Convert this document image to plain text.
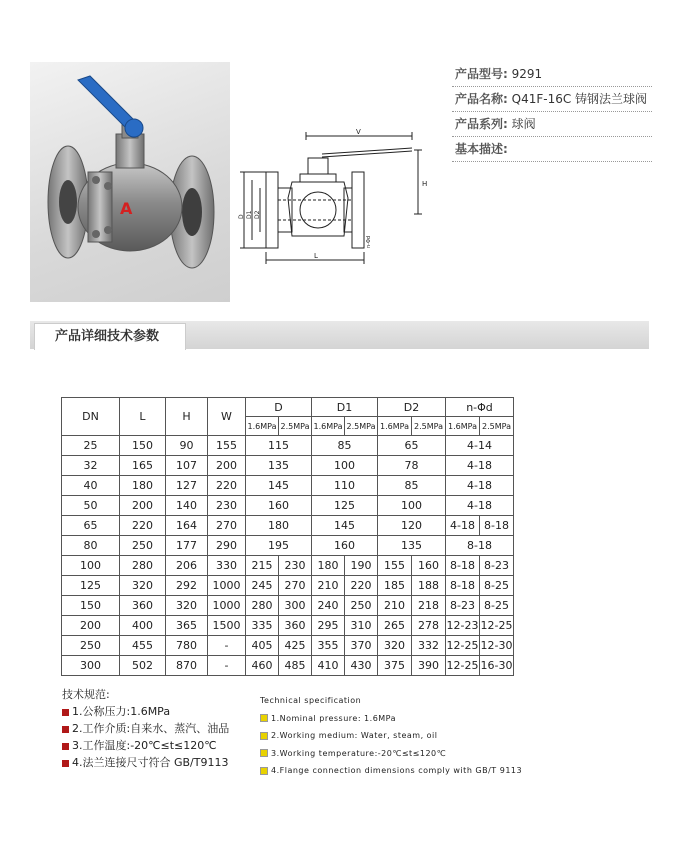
A
V
H
L
D D1 D2
n-Φd
产品型号: 9291
产品名称: Q41F-16C 铸钢法兰球阀
产品系列: 球阀
基本描述:
产品详细技术参数
DN	L	H	W	D		D1		D2		n-Φd	
				1.6MPa	2.5MPa	1.6MPa	2.5MPa	1.6MPa	2.5MPa	1.6MPa	2.5MPa
25	150	90	155	115		85		65		4-14	
32	165	107	200	135		100		78		4-18	
40	180	127	220	145		110		85		4-18	
50	200	140	230	160		125		100		4-18	
65	220	164	270	180		145		120		4-18	8-18
80	250	177	290	195		160		135		8-18	
100	280	206	330	215	230	180	190	155	160	8-18	8-23
125	320	292	1000	245	270	210	220	185	188	8-18	8-25
150	360	320	1000	280	300	240	250	210	218	8-23	8-25
200	400	365	1500	335	360	295	310	265	278	12-23	12-25
250	455	780	-	405	425	355	370	320	332	12-25	12-30
300	502	870	-	460	485	410	430	375	390	12-25	16-30
技术规范:
1.公称压力:1.6MPa
2.工作介质:自来水、蒸汽、油品
3.工作温度:-20℃≤t≤120℃
4.法兰连接尺寸符合 GB/T9113
Technical specification
1.Nominal pressure: 1.6MPa
2.Working medium: Water, steam, oil
3.Working temperature:-20℃≤t≤120℃
4.Flange connection dimensions comply with GB/T 9113
